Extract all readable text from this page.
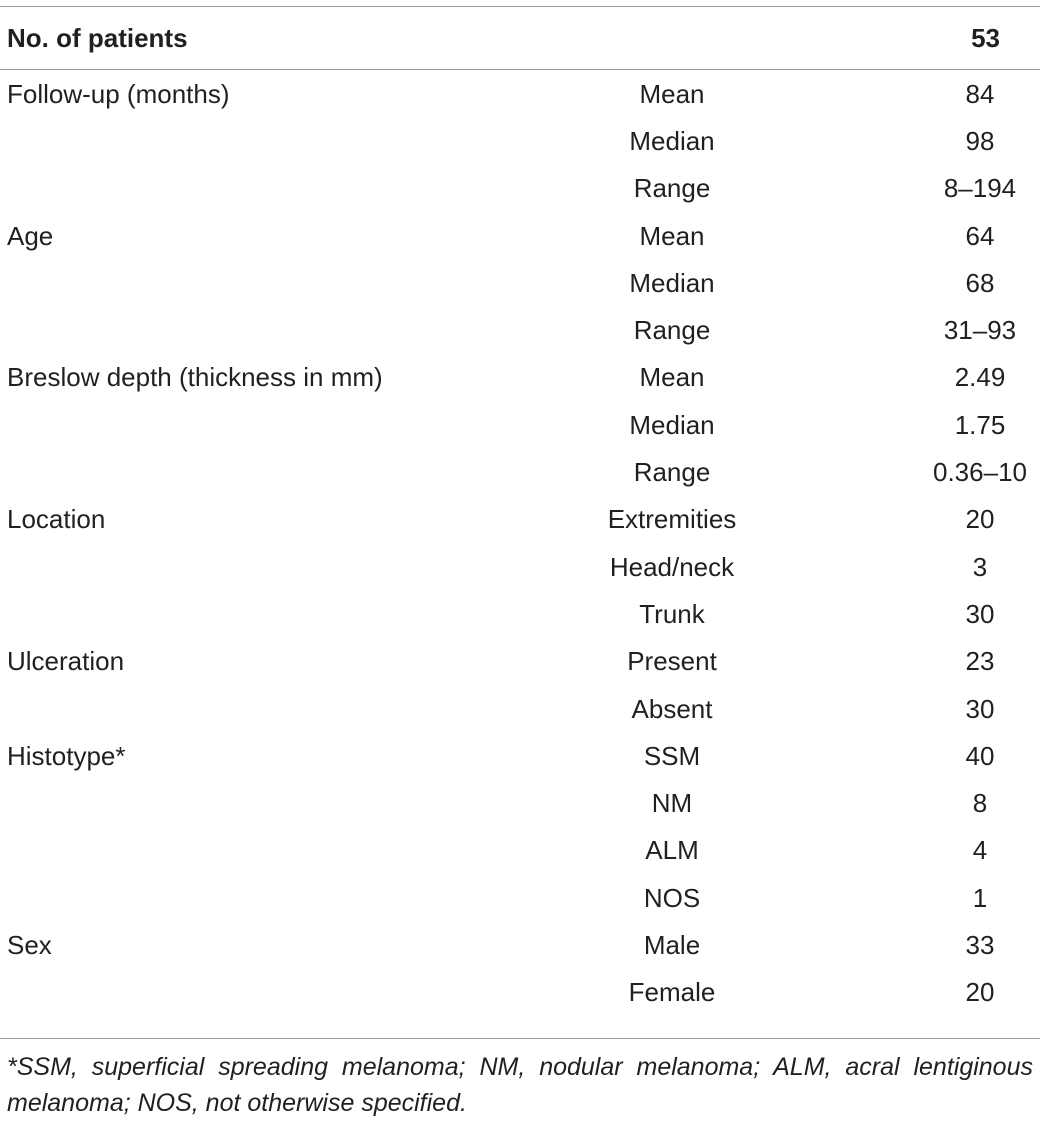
No. of patients		53
Follow-up (months)	Mean	84
	Median	98
	Range	8–194
Age	Mean	64
	Median	68
	Range	31–93
Breslow depth (thickness in mm)	Mean	2.49
	Median	1.75
	Range	0.36–10
Location	Extremities	20
	Head/neck	3
	Trunk	30
Ulceration	Present	23
	Absent	30
Histotype*	SSM	40
	NM	8
	ALM	4
	NOS	1
Sex	Male	33
	Female	20
*SSM, superficial spreading melanoma; NM, nodular melanoma; ALM, acral lentiginous melanoma; NOS, not otherwise specified.
